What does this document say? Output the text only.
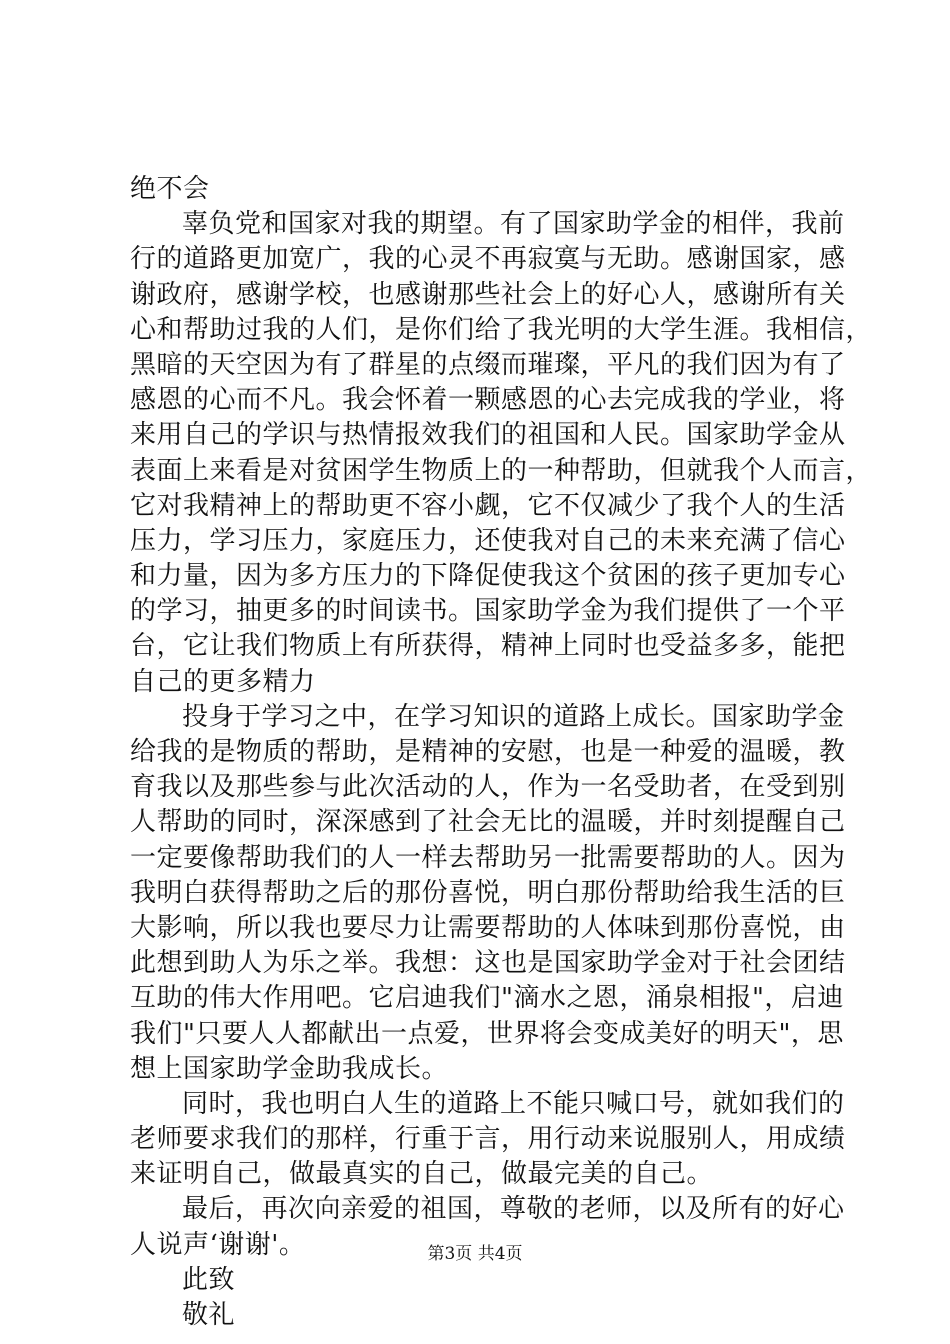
绝不会
辜负党和国家对我的期望。有了国家助学金的相伴，我前
行的道路更加宽广，我的心灵不再寂寞与无助。感谢国家，感
谢政府，感谢学校，也感谢那些社会上的好心人，感谢所有关
心和帮助过我的人们，是你们给了我光明的大学生涯。我相信，
黑暗的天空因为有了群星的点缀而璀璨，平凡的我们因为有了
感恩的心而不凡。我会怀着一颗感恩的心去完成我的学业，将
来用自己的学识与热情报效我们的祖国和人民。国家助学金从
表面上来看是对贫困学生物质上的一种帮助，但就我个人而言，
它对我精神上的帮助更不容小觑，它不仅减少了我个人的生活
压力，学习压力，家庭压力，还使我对自己的未来充满了信心
和力量，因为多方压力的下降促使我这个贫困的孩子更加专心
的学习，抽更多的时间读书。国家助学金为我们提供了一个平
台，它让我们物质上有所获得，精神上同时也受益多多，能把
自己的更多精力
投身于学习之中，在学习知识的道路上成长。国家助学金
给我的是物质的帮助，是精神的安慰，也是一种爱的温暖，教
育我以及那些参与此次活动的人，作为一名受助者，在受到别
人帮助的同时，深深感到了社会无比的温暖，并时刻提醒自己
一定要像帮助我们的人一样去帮助另一批需要帮助的人。因为
我明白获得帮助之后的那份喜悦，明白那份帮助给我生活的巨
大影响，所以我也要尽力让需要帮助的人体味到那份喜悦，由
此想到助人为乐之举。我想：这也是国家助学金对于社会团结
互助的伟大作用吧。它启迪我们"滴水之恩，涌泉相报"，启迪
我们"只要人人都献出一点爱，世界将会变成美好的明天"，思
想上国家助学金助我成长。
同时，我也明白人生的道路上不能只喊口号，就如我们的
老师要求我们的那样，行重于言，用行动来说服别人，用成绩
来证明自己，做最真实的自己，做最完美的自己。
最后，再次向亲爱的祖国，尊敬的老师，以及所有的好心
人说声‘谢谢'。
此致
敬礼
第3页 共4页
